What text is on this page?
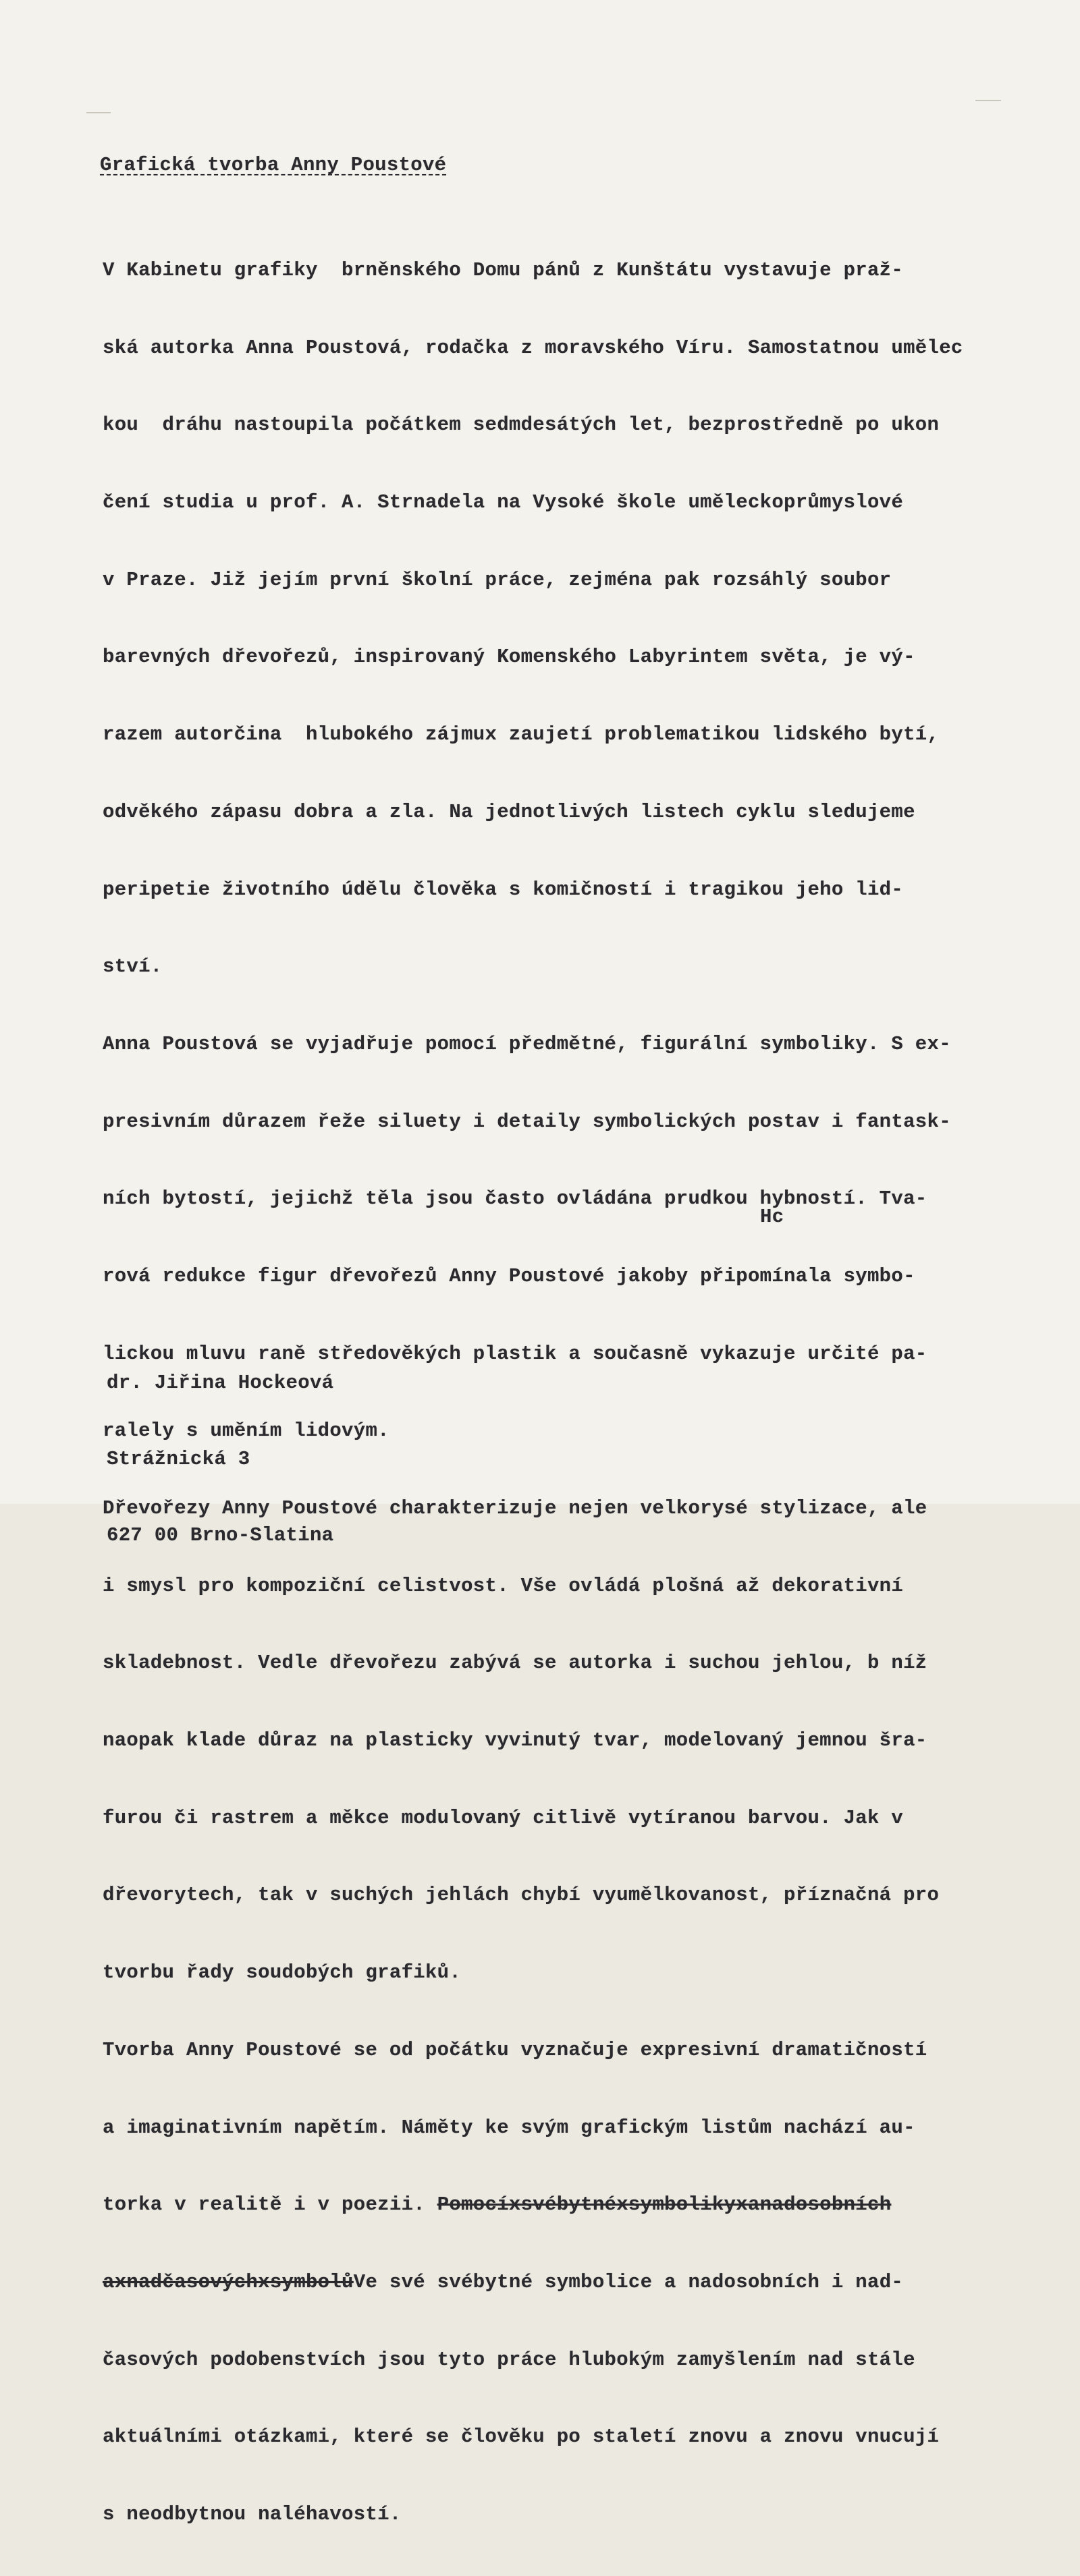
Grafická tvorba Anny Poustové

V Kabinetu grafiky  brněnského Domu pánů z Kunštátu vystavuje praž-

ská autorka Anna Poustová, rodačka z moravského Víru. Samostatnou umělec

kou  dráhu nastoupila počátkem sedmdesátých let, bezprostředně po ukon

čení studia u prof. A. Strnadela na Vysoké škole uměleckoprůmyslové

v Praze. Již jejím první školní práce, zejména pak rozsáhlý soubor

barevných dřevořezů, inspirovaný Komenského Labyrintem světa, je vý-

razem autorčina  hlubokého zájmux zaujetí problematikou lidského bytí,

odvěkého zápasu dobra a zla. Na jednotlivých listech cyklu sledujeme

peripetie životního údělu člověka s komičností i tragikou jeho lid-

ství.

Anna Poustová se vyjadřuje pomocí předmětné, figurální symboliky. S ex-

presivním důrazem řeže siluety i detaily symbolických postav i fantask-

ních bytostí, jejichž těla jsou často ovládána prudkou hybností. Tva-

rová redukce figur dřevořezů Anny Poustové jakoby připomínala symbo-

lickou mluvu raně středověkých plastik a současně vykazuje určité pa-

ralely s uměním lidovým.

Dřevořezy Anny Poustové charakterizuje nejen velkorysé stylizace, ale

i smysl pro kompoziční celistvost. Vše ovládá plošná až dekorativní

skladebnost. Vedle dřevořezu zabývá se autorka i suchou jehlou, b níž

naopak klade důraz na plasticky vyvinutý tvar, modelovaný jemnou šra-

furou či rastrem a měkce modulovaný citlivě vytíranou barvou. Jak v

dřevorytech, tak v suchých jehlách chybí vyumělkovanost, příznačná pro

tvorbu řady soudobých grafiků.

Tvorba Anny Poustové se od počátku vyznačuje expresivní dramatičností

a imaginativním napětím. Náměty ke svým grafickým listům nachází au-

torka v realitě i v poezii. Pomocíxsvébytnéxsymbolikyxanadosobních

axnadčasovýchxsymbolůVe své svébytné symbolice a nadosobních i nad-

časových podobenstvích jsou tyto práce hlubokým zamyšlením nad stále

aktuálními otázkami, které se člověku po staletí znovu a znovu vnucují

s neodbytnou naléhavostí.

Hc

dr. Jiřina Hockeová

Strážnická 3

627 00 Brno-Slatina
